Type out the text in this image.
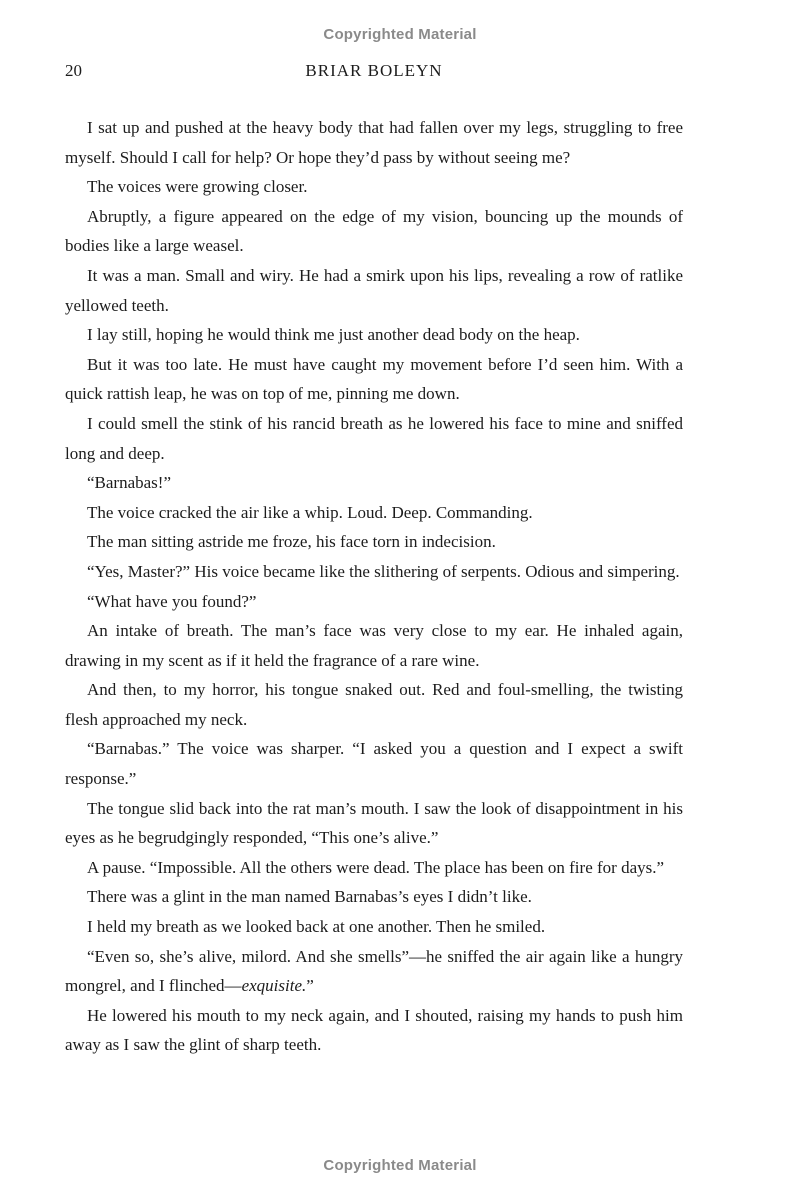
Copyrighted Material
20	BRIAR BOLEYN

I sat up and pushed at the heavy body that had fallen over my legs, struggling to free myself. Should I call for help? Or hope they’d pass by without seeing me?

The voices were growing closer.

Abruptly, a figure appeared on the edge of my vision, bouncing up the mounds of bodies like a large weasel.

It was a man. Small and wiry. He had a smirk upon his lips, revealing a row of ratlike yellowed teeth.

I lay still, hoping he would think me just another dead body on the heap.

But it was too late. He must have caught my movement before I’d seen him. With a quick rattish leap, he was on top of me, pinning me down.

I could smell the stink of his rancid breath as he lowered his face to mine and sniffed long and deep.

“Barnabas!”

The voice cracked the air like a whip. Loud. Deep. Commanding.

The man sitting astride me froze, his face torn in indecision.

“Yes, Master?” His voice became like the slithering of serpents. Odious and simpering.

“What have you found?”

An intake of breath. The man’s face was very close to my ear. He inhaled again, drawing in my scent as if it held the fragrance of a rare wine.

And then, to my horror, his tongue snaked out. Red and foul-smelling, the twisting flesh approached my neck.

“Barnabas.” The voice was sharper. “I asked you a question and I expect a swift response.”

The tongue slid back into the rat man’s mouth. I saw the look of disappointment in his eyes as he begrudgingly responded, “This one’s alive.”

A pause. “Impossible. All the others were dead. The place has been on fire for days.”

There was a glint in the man named Barnabas’s eyes I didn’t like.

I held my breath as we looked back at one another. Then he smiled.

“Even so, she’s alive, milord. And she smells”—he sniffed the air again like a hungry mongrel, and I flinched—exquisite.”

He lowered his mouth to my neck again, and I shouted, raising my hands to push him away as I saw the glint of sharp teeth.

Copyrighted Material
